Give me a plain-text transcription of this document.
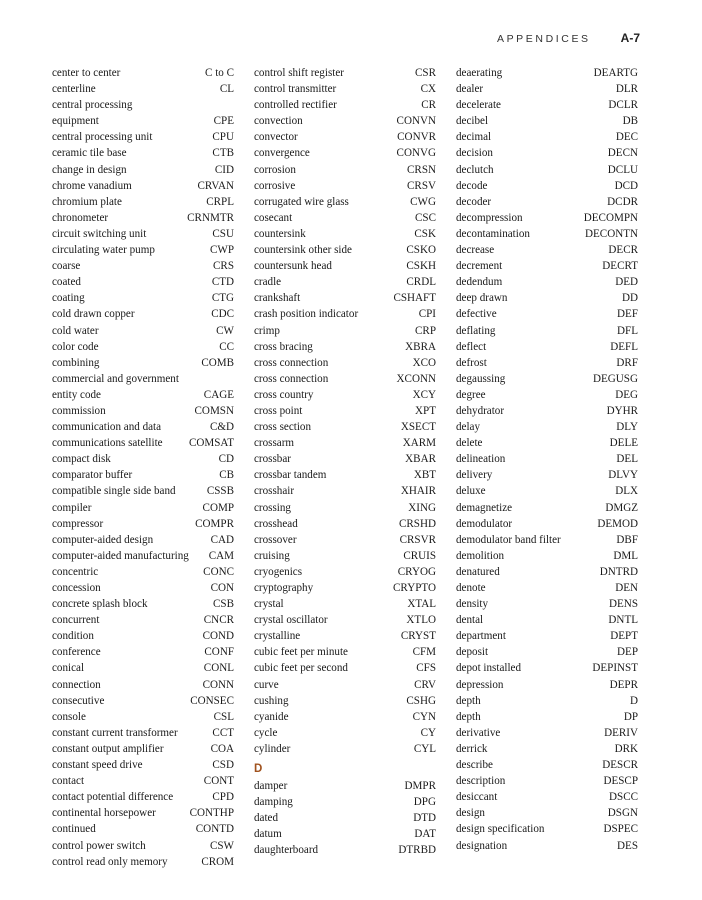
APPENDICES	A-7
center to center	C to C
centerline	CL
central processing
equipment	CPE
central processing unit	CPU
ceramic tile base	CTB
change in design	CID
chrome vanadium	CRVAN
chromium plate	CRPL
chronometer	CRNMTR
circuit switching unit	CSU
circulating water pump	CWP
coarse	CRS
coated	CTD
coating	CTG
cold drawn copper	CDC
cold water	CW
color code	CC
combining	COMB
commercial and government
entity code	CAGE
commission	COMSN
communication and data	C&D
communications satellite	COMSAT
compact disk	CD
comparator buffer	CB
compatible single side band	CSSB
compiler	COMP
compressor	COMPR
computer-aided design	CAD
computer-aided manufacturing	CAM
concentric	CONC
concession	CON
concrete splash block	CSB
concurrent	CNCR
condition	COND
conference	CONF
conical	CONL
connection	CONN
consecutive	CONSEC
console	CSL
constant current transformer	CCT
constant output amplifier	COA
constant speed drive	CSD
contact	CONT
contact potential difference	CPD
continental horsepower	CONTHP
continued	CONTD
control power switch	CSW
control read only memory	CROM
control shift register	CSR
control transmitter	CX
controlled rectifier	CR
convection	CONVN
convector	CONVR
convergence	CONVG
corrosion	CRSN
corrosive	CRSV
corrugated wire glass	CWG
cosecant	CSC
countersink	CSK
countersink other side	CSKO
countersunk head	CSKH
cradle	CRDL
crankshaft	CSHAFT
crash position indicator	CPI
crimp	CRP
cross bracing	XBRA
cross connection	XCO
cross connection	XCONN
cross country	XCY
cross point	XPT
cross section	XSECT
crossarm	XARM
crossbar	XBAR
crossbar tandem	XBT
crosshair	XHAIR
crossing	XING
crosshead	CRSHD
crossover	CRSVR
cruising	CRUIS
cryogenics	CRYOG
cryptography	CRYPTO
crystal	XTAL
crystal oscillator	XTLO
crystalline	CRYST
cubic feet per minute	CFM
cubic feet per second	CFS
curve	CRV
cushing	CSHG
cyanide	CYN
cycle	CY
cylinder	CYL
D
damper	DMPR
damping	DPG
dated	DTD
datum	DAT
daughterboard	DTRBD
deaerating	DEARTG
dealer	DLR
decelerate	DCLR
decibel	DB
decimal	DEC
decision	DECN
declutch	DCLU
decode	DCD
decoder	DCDR
decompression	DECOMPN
decontamination	DECONTN
decrease	DECR
decrement	DECRT
dedendum	DED
deep drawn	DD
defective	DEF
deflating	DFL
deflect	DEFL
defrost	DRF
degaussing	DEGUSG
degree	DEG
dehydrator	DYHR
delay	DLY
delete	DELE
delineation	DEL
delivery	DLVY
deluxe	DLX
demagnetize	DMGZ
demodulator	DEMOD
demodulator band filter	DBF
demolition	DML
denatured	DNTRD
denote	DEN
density	DENS
dental	DNTL
department	DEPT
deposit	DEP
depot installed	DEPINST
depression	DEPR
depth	D
depth	DP
derivative	DERIV
derrick	DRK
describe	DESCR
description	DESCP
desiccant	DSCC
design	DSGN
design specification	DSPEC
designation	DES
